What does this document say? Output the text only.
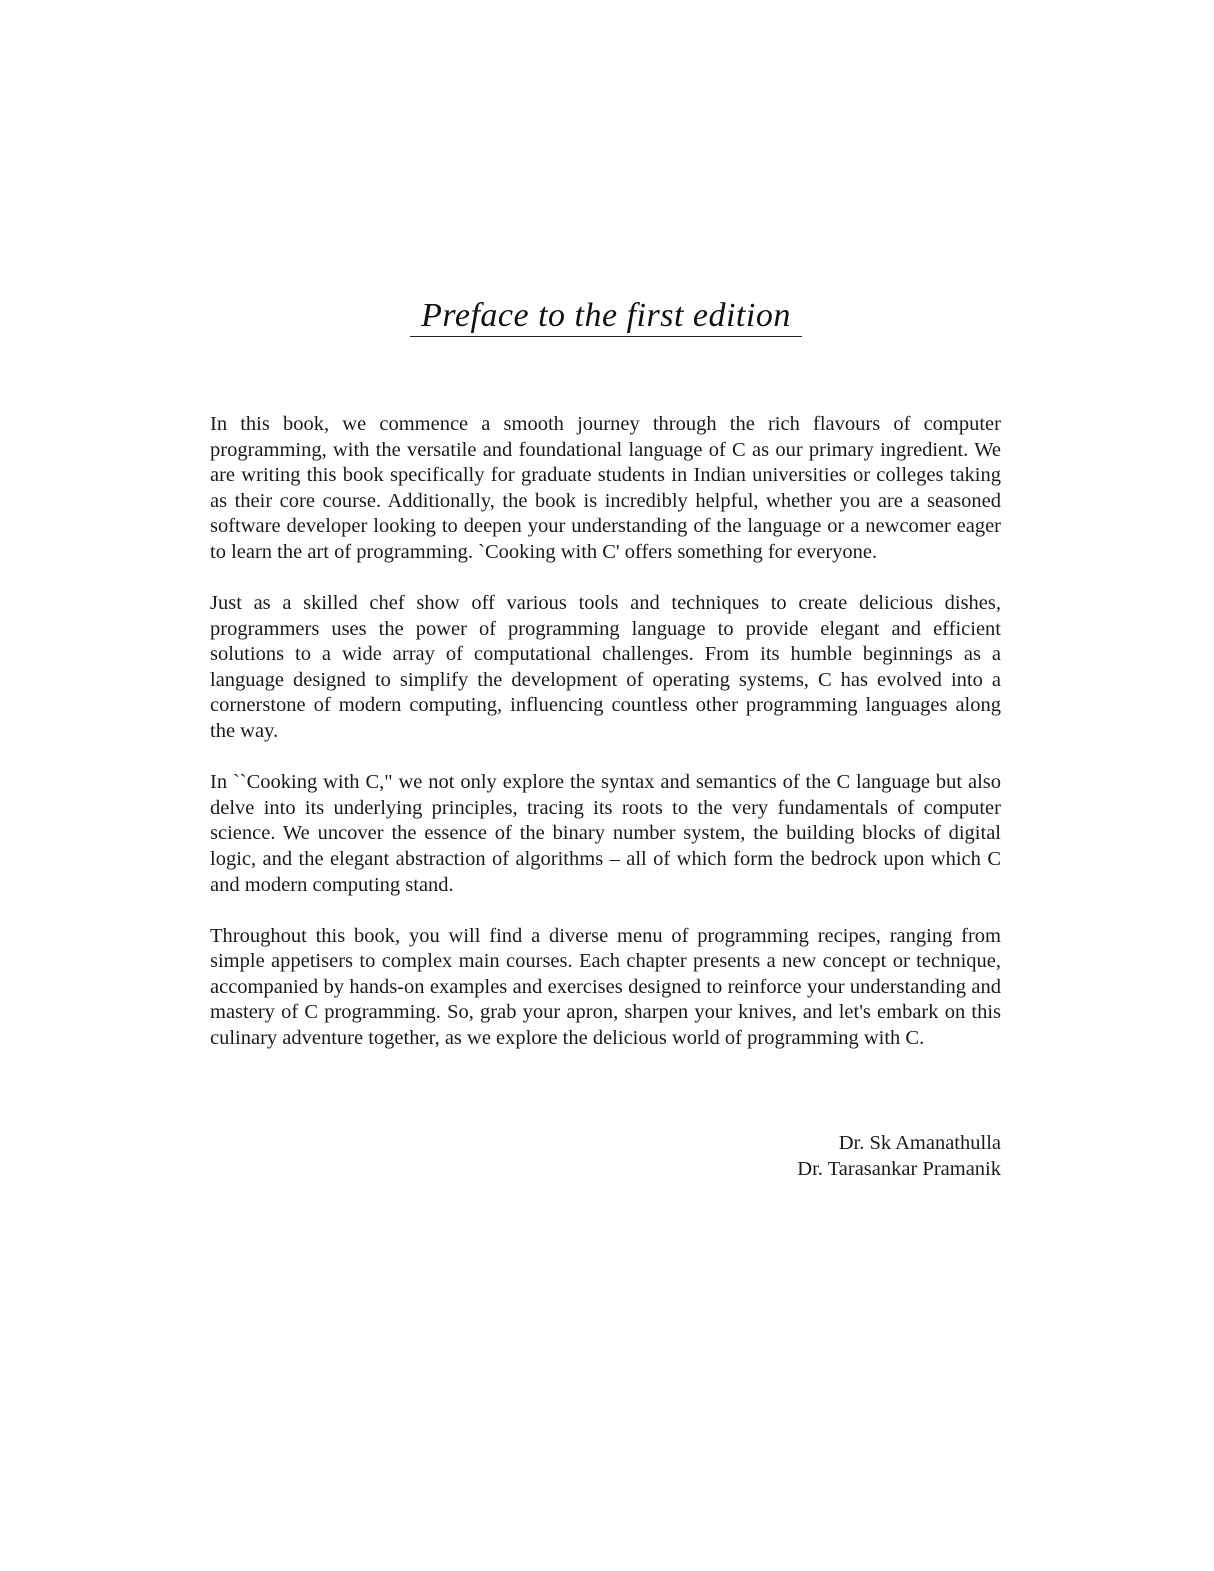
Preface to the first edition

In this book, we commence a smooth journey through the rich flavours of computer programming, with the versatile and foundational language of C as our primary ingredient. We are writing this book specifically for graduate students in Indian universities or colleges taking as their core course. Additionally, the book is incredibly helpful, whether you are a seasoned software developer looking to deepen your understanding of the language or a newcomer eager to learn the art of programming. `Cooking with C' offers something for everyone.

Just as a skilled chef show off various tools and techniques to create delicious dishes, programmers uses the power of programming language to provide elegant and efficient solutions to a wide array of computational challenges. From its humble beginnings as a language designed to simplify the development of operating systems, C has evolved into a cornerstone of modern computing, influencing countless other programming languages along the way.

In ``Cooking with C," we not only explore the syntax and semantics of the C language but also delve into its underlying principles, tracing its roots to the very fundamentals of computer science. We uncover the essence of the binary number system, the building blocks of digital logic, and the elegant abstraction of algorithms – all of which form the bedrock upon which C and modern computing stand.

Throughout this book, you will find a diverse menu of programming recipes, ranging from simple appetisers to complex main courses. Each chapter presents a new concept or technique, accompanied by hands-on examples and exercises designed to reinforce your understanding and mastery of C programming. So, grab your apron, sharpen your knives, and let's embark on this culinary adventure together, as we explore the delicious world of programming with C.

Dr. Sk Amanathulla
Dr. Tarasankar Pramanik
